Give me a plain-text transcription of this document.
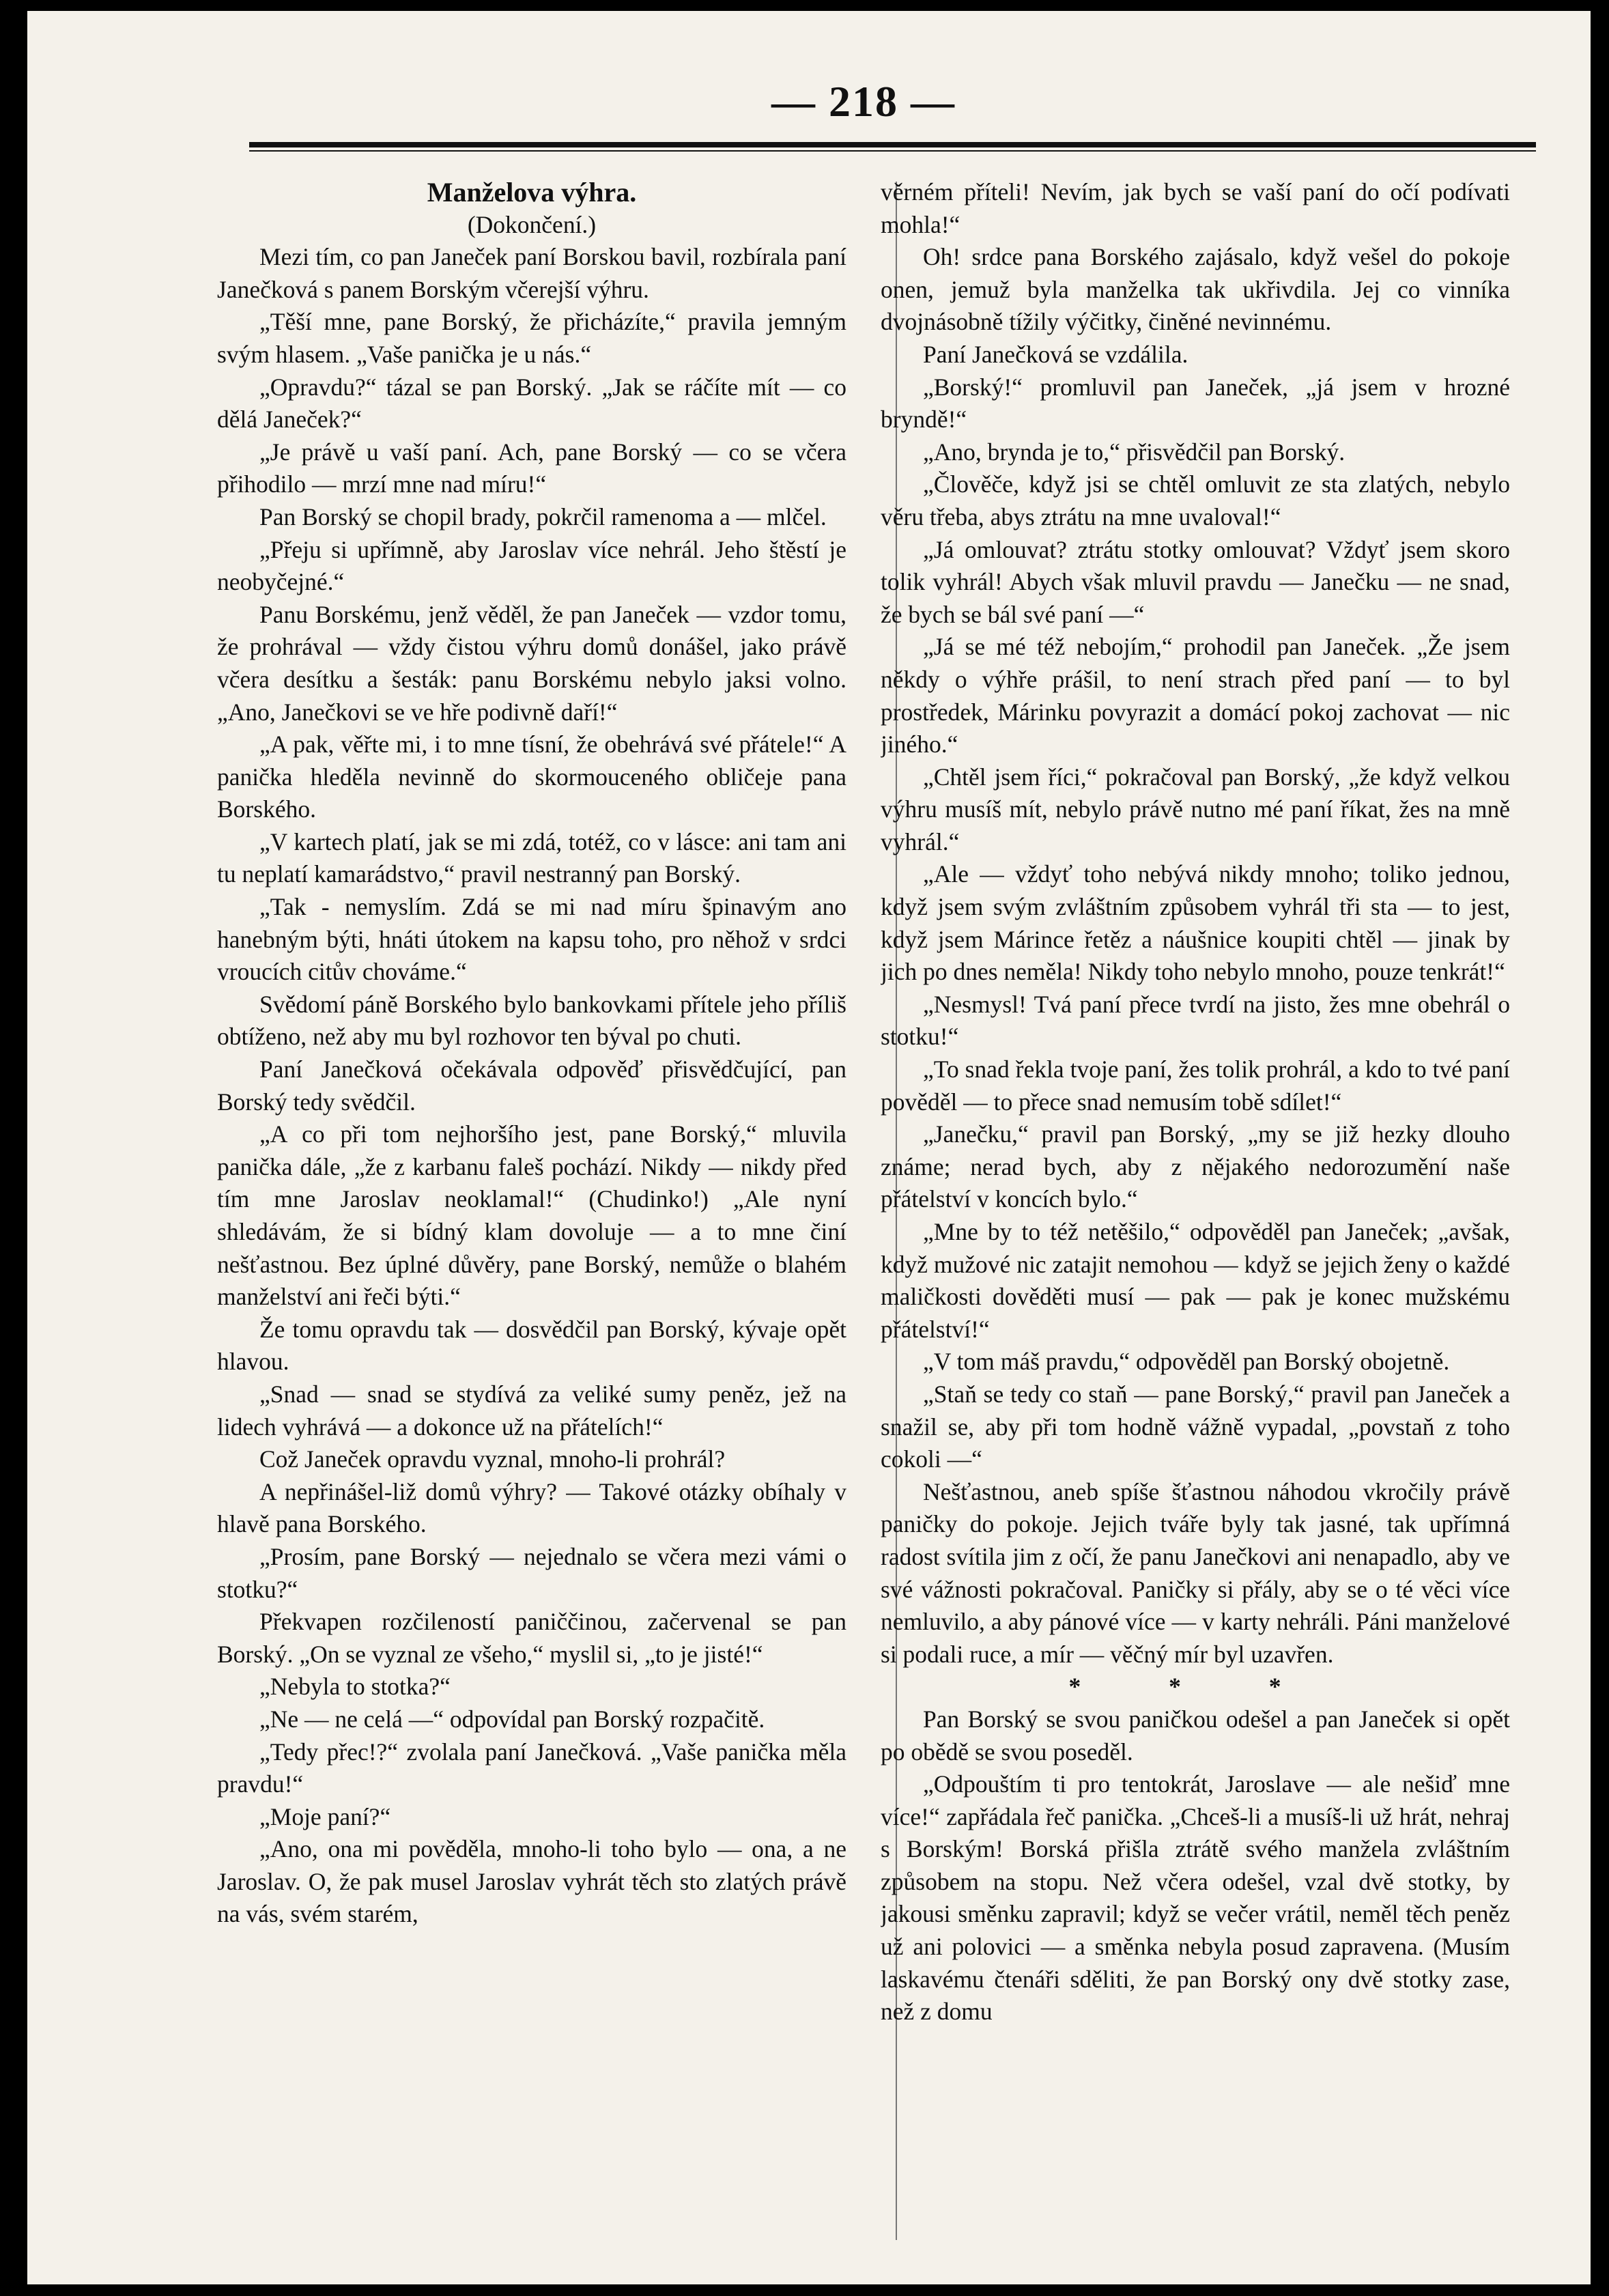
— 218 —

Manželova výhra.

(Dokončení.)

Mezi tím, co pan Janeček paní Borskou bavil, rozbírala paní Janečková s panem Borským včerejší výhru.

„Těší mne, pane Borský, že přicházíte,“ pravila jemným svým hlasem. „Vaše panička je u nás.“

„Opravdu?“ tázal se pan Borský. „Jak se ráčíte mít — co dělá Janeček?“

„Je právě u vaší paní. Ach, pane Borský — co se včera přihodilo — mrzí mne nad míru!“

Pan Borský se chopil brady, pokrčil ramenoma a — mlčel.

„Přeju si upřímně, aby Jaroslav více nehrál. Jeho štěstí je neobyčejné.“

Panu Borskému, jenž věděl, že pan Janeček — vzdor tomu, že prohrával — vždy čistou výhru domů donášel, jako právě včera desítku a šesták: panu Borskému nebylo jaksi volno. „Ano, Janečkovi se ve hře podivně daří!“

„A pak, věřte mi, i to mne tísní, že obehrává své přátele!“ A panička hleděla nevinně do skormouceného obličeje pana Borského.

„V kartech platí, jak se mi zdá, totéž, co v lásce: ani tam ani tu neplatí kamarádstvo,“ pravil nestranný pan Borský.

„Tak - nemyslím. Zdá se mi nad míru špinavým ano hanebným býti, hnáti útokem na kapsu toho, pro něhož v srdci vroucích citův chováme.“

Svědomí páně Borského bylo bankovkami přítele jeho příliš obtíženo, než aby mu byl rozhovor ten býval po chuti.

Paní Janečková očekávala odpověď přisvědčující, pan Borský tedy svědčil.

„A co při tom nejhoršího jest, pane Borský,“ mluvila panička dále, „že z karbanu faleš pochází. Nikdy — nikdy před tím mne Jaroslav neoklamal!“ (Chudinko!) „Ale nyní shledávám, že si bídný klam dovoluje — a to mne činí nešťastnou. Bez úplné důvěry, pane Borský, nemůže o blahém manželství ani řeči býti.“

Že tomu opravdu tak — dosvědčil pan Borský, kývaje opět hlavou.

„Snad — snad se stydívá za veliké sumy peněz, jež na lidech vyhrává — a dokonce už na přátelích!“

Což Janeček opravdu vyznal, mnoho-li prohrál?

A nepřinášel-liž domů výhry? — Takové otázky obíhaly v hlavě pana Borského.

„Prosím, pane Borský — nejednalo se včera mezi vámi o stotku?“

Překvapen rozčileností paniččinou, začervenal se pan Borský. „On se vyznal ze všeho,“ myslil si, „to je jisté!“

„Nebyla to stotka?“

„Ne — ne celá —“ odpovídal pan Borský rozpačitě.

„Tedy přec!?“ zvolala paní Janečková. „Vaše panička měla pravdu!“

„Moje paní?“

„Ano, ona mi pověděla, mnoho-li toho bylo — ona, a ne Jaroslav. O, že pak musel Jaroslav vyhrát těch sto zlatých právě na vás, svém starém,

věrném příteli! Nevím, jak bych se vaší paní do očí podívati mohla!“

Oh! srdce pana Borského zajásalo, když vešel do pokoje onen, jemuž byla manželka tak ukřivdila. Jej co vinníka dvojnásobně tížily výčitky, činěné nevinnému.

Paní Janečková se vzdálila.

„Borský!“ promluvil pan Janeček, „já jsem v hrozné bryndě!“

„Ano, brynda je to,“ přisvědčil pan Borský.

„Člověče, když jsi se chtěl omluvit ze sta zlatých, nebylo věru třeba, abys ztrátu na mne uvaloval!“

„Já omlouvat? ztrátu stotky omlouvat? Vždyť jsem skoro tolik vyhrál! Abych však mluvil pravdu — Janečku — ne snad, že bych se bál své paní —“

„Já se mé též nebojím,“ prohodil pan Janeček. „Že jsem někdy o výhře prášil, to není strach před paní — to byl prostředek, Márinku povyrazit a domácí pokoj zachovat — nic jiného.“

„Chtěl jsem říci,“ pokračoval pan Borský, „že když velkou výhru musíš mít, nebylo právě nutno mé paní říkat, žes na mně vyhrál.“

„Ale — vždyť toho nebývá nikdy mnoho; toliko jednou, když jsem svým zvláštním způsobem vyhrál tři sta — to jest, když jsem Márince řetěz a náušnice koupiti chtěl — jinak by jich po dnes neměla! Nikdy toho nebylo mnoho, pouze tenkrát!“

„Nesmysl! Tvá paní přece tvrdí na jisto, žes mne obehrál o stotku!“

„To snad řekla tvoje paní, žes tolik prohrál, a kdo to tvé paní pověděl — to přece snad nemusím tobě sdílet!“

„Janečku,“ pravil pan Borský, „my se již hezky dlouho známe; nerad bych, aby z nějakého nedorozumění naše přátelství v koncích bylo.“

„Mne by to též netěšilo,“ odpověděl pan Janeček; „avšak, když mužové nic zatajit nemohou — když se jejich ženy o každé maličkosti dověděti musí — pak — pak je konec mužskému přátelství!“

„V tom máš pravdu,“ odpověděl pan Borský obojetně.

„Staň se tedy co staň — pane Borský,“ pravil pan Janeček a snažil se, aby při tom hodně vážně vypadal, „povstaň z toho cokoli —“

Nešťastnou, aneb spíše šťastnou náhodou vkročily právě paničky do pokoje. Jejich tváře byly tak jasné, tak upřímná radost svítila jim z očí, že panu Janečkovi ani nenapadlo, aby ve své vážnosti pokračoval. Paničky si přály, aby se o té věci více nemluvilo, a aby pánové více — v karty nehráli. Páni manželové si podali ruce, a mír — věčný mír byl uzavřen.

* * *

Pan Borský se svou paničkou odešel a pan Janeček si opět po obědě se svou poseděl.

„Odpouštím ti pro tentokrát, Jaroslave — ale nešiď mne více!“ zapřádala řeč panička. „Chceš-li a musíš-li už hrát, nehraj s Borským! Borská přišla ztrátě svého manžela zvláštním způsobem na stopu. Než včera odešel, vzal dvě stotky, by jakousi směnku zapravil; když se večer vrátil, neměl těch peněz už ani polovici — a směnka nebyla posud zapravena. (Musím laskavému čtenáři sděliti, že pan Borský ony dvě stotky zase, než z domu
